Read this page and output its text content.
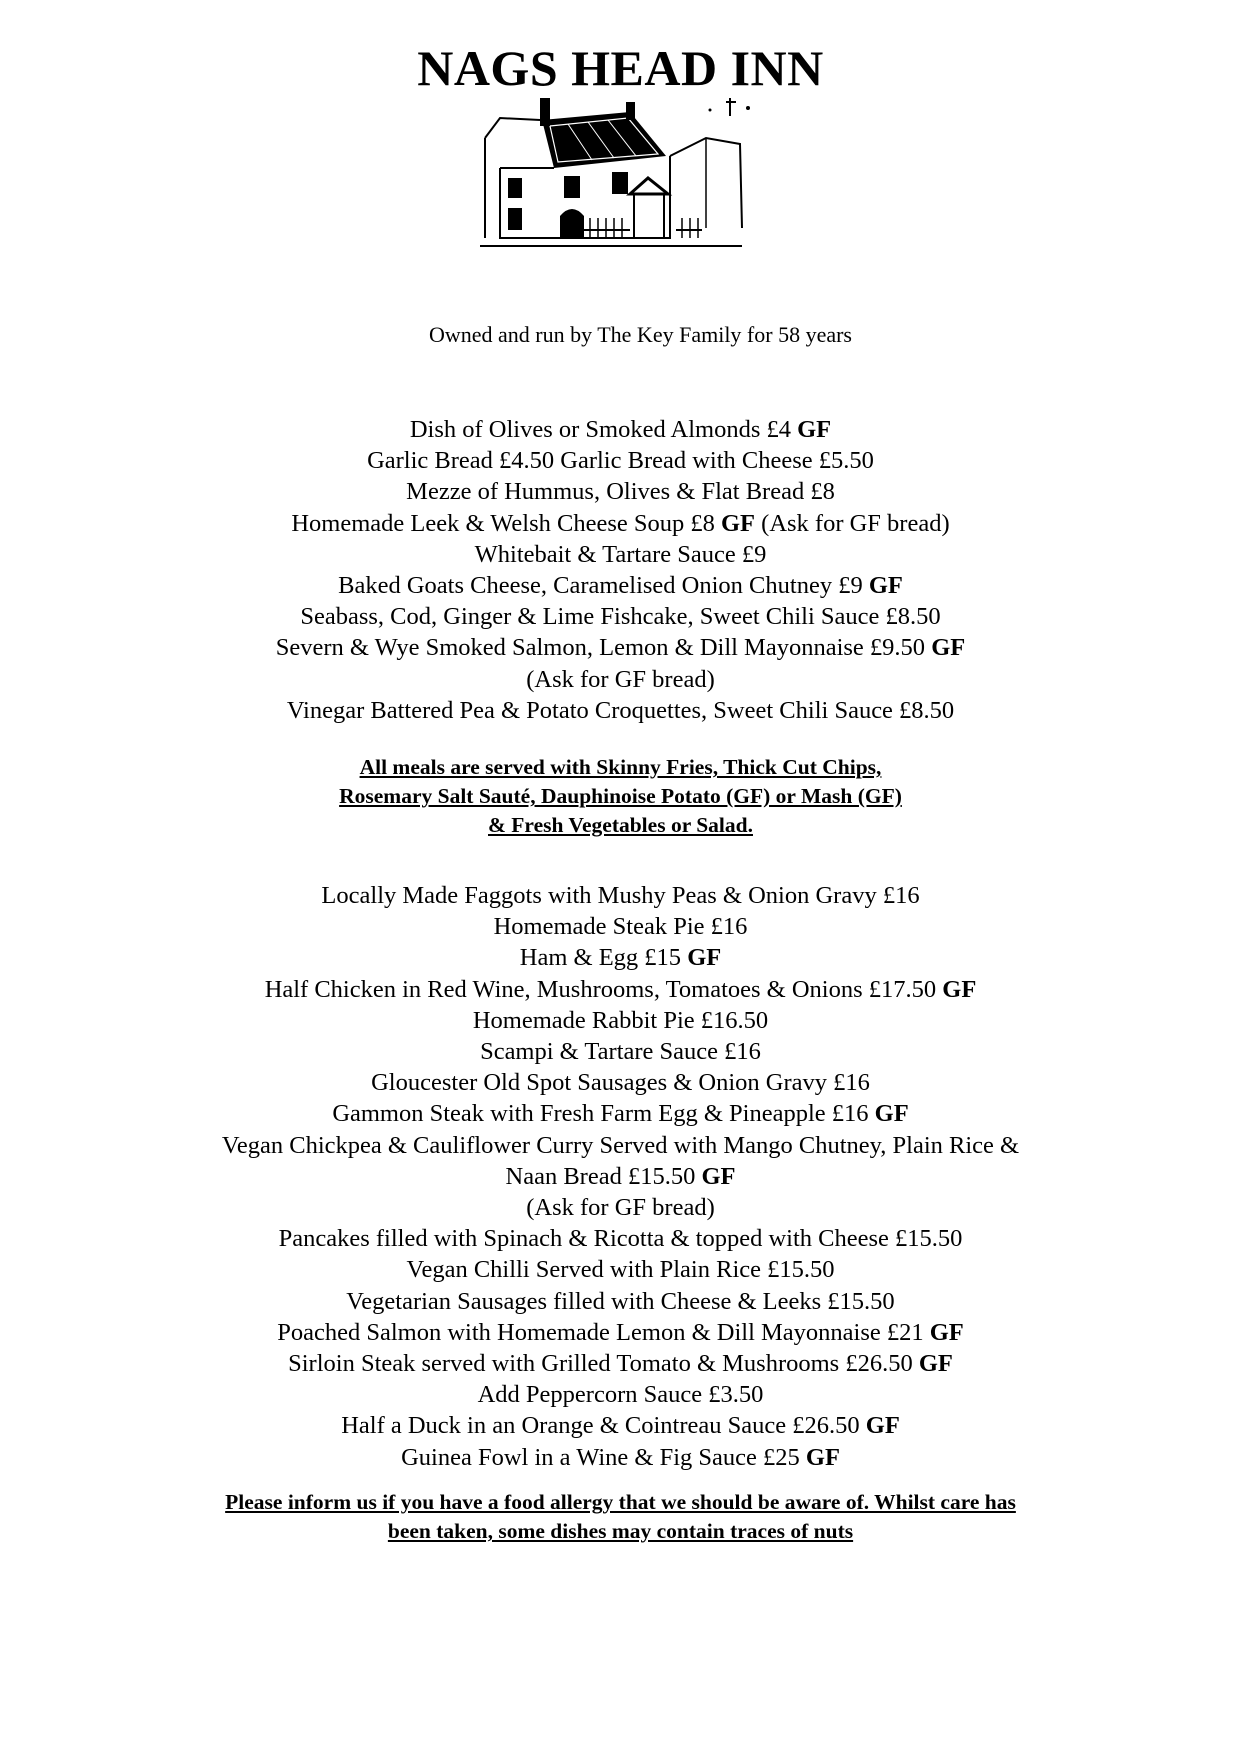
NAGS HEAD INN
Owned and run by The Key Family for 58 years
Dish of Olives or Smoked Almonds £4 GF
Garlic Bread £4.50 Garlic Bread with Cheese £5.50
Mezze of Hummus, Olives & Flat Bread £8
Homemade Leek & Welsh Cheese Soup £8 GF (Ask for GF bread)
Whitebait & Tartare Sauce £9
Baked Goats Cheese, Caramelised Onion Chutney £9 GF
Seabass, Cod, Ginger & Lime Fishcake, Sweet Chili Sauce £8.50
Severn & Wye Smoked Salmon, Lemon & Dill Mayonnaise £9.50 GF
(Ask for GF bread)
Vinegar Battered Pea & Potato Croquettes, Sweet Chili Sauce £8.50
All meals are served with Skinny Fries, Thick Cut Chips,
Rosemary Salt Sauté, Dauphinoise Potato (GF) or Mash (GF)
& Fresh Vegetables or Salad.
Locally Made Faggots with Mushy Peas & Onion Gravy £16
Homemade Steak Pie £16
Ham & Egg £15 GF
Half Chicken in Red Wine, Mushrooms, Tomatoes & Onions £17.50 GF
Homemade Rabbit Pie £16.50
Scampi & Tartare Sauce £16
Gloucester Old Spot Sausages & Onion Gravy £16
Gammon Steak with Fresh Farm Egg & Pineapple £16 GF
Vegan Chickpea & Cauliflower Curry Served with Mango Chutney, Plain Rice &
Naan Bread £15.50 GF
(Ask for GF bread)
Pancakes filled with Spinach & Ricotta & topped with Cheese £15.50
Vegan Chilli Served with Plain Rice £15.50
Vegetarian Sausages filled with Cheese & Leeks £15.50
Poached Salmon with Homemade Lemon & Dill Mayonnaise £21 GF
Sirloin Steak served with Grilled Tomato & Mushrooms £26.50 GF
Add Peppercorn Sauce £3.50
Half a Duck in an Orange & Cointreau Sauce £26.50 GF
Guinea Fowl in a Wine & Fig Sauce £25 GF
Please inform us if you have a food allergy that we should be aware of. Whilst care has
been taken, some dishes may contain traces of nuts
